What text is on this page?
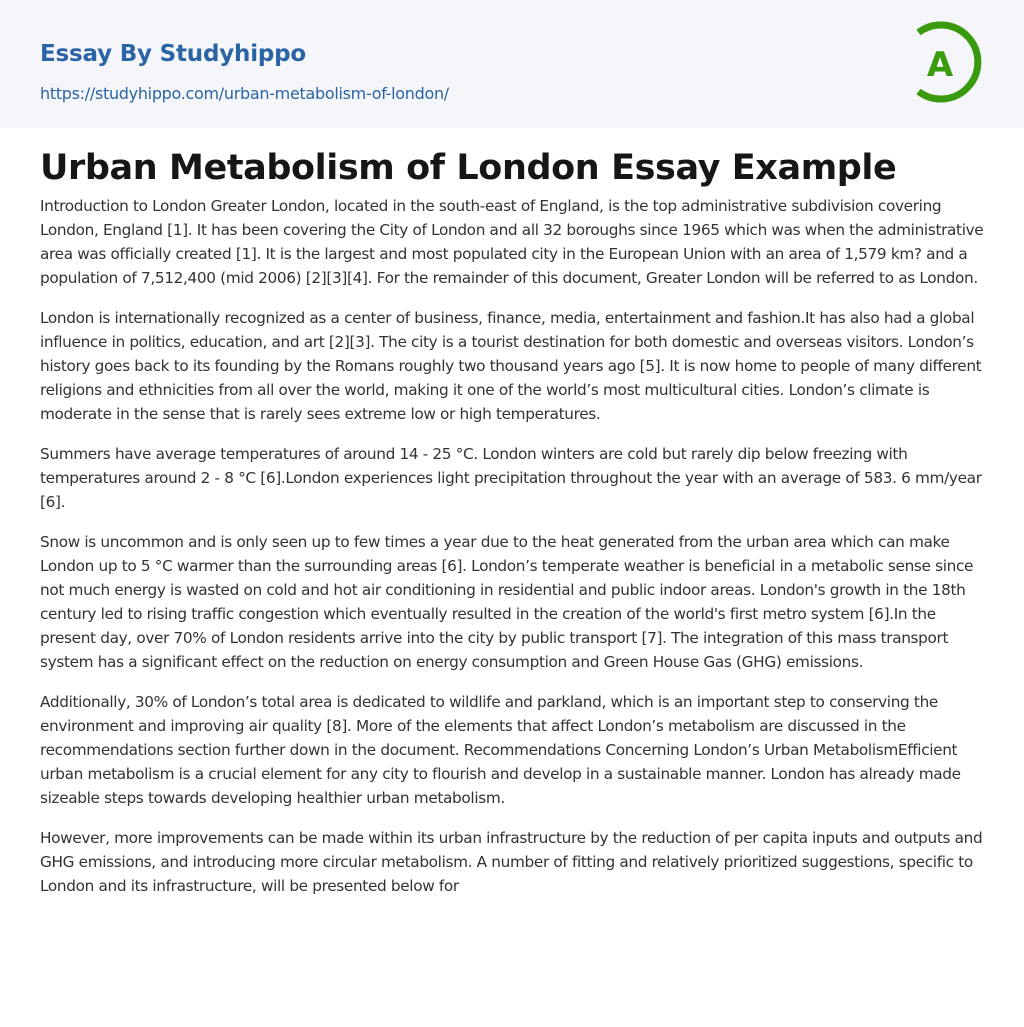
Essay By Studyhippo
https://studyhippo.com/urban-metabolism-of-london/
A
Urban Metabolism of London Essay Example

Introduction to London Greater London, located in the south-east of England, is the top administrative subdivision covering London, England [1]. It has been covering the City of London and all 32 boroughs since 1965 which was when the administrative area was officially created [1]. It is the largest and most populated city in the European Union with an area of 1,579 km? and a population of 7,512,400 (mid 2006) [2][3][4]. For the remainder of this document, Greater London will be referred to as London.

London is internationally recognized as a center of business, finance, media, entertainment and fashion.It has also had a global influence in politics, education, and art [2][3]. The city is a tourist destination for both domestic and overseas visitors. London’s history goes back to its founding by the Romans roughly two thousand years ago [5]. It is now home to people of many different religions and ethnicities from all over the world, making it one of the world’s most multicultural cities. London’s climate is moderate in the sense that is rarely sees extreme low or high temperatures.

Summers have average temperatures of around 14 - 25 °C. London winters are cold but rarely dip below freezing with temperatures around 2 - 8 °C [6].London experiences light precipitation throughout the year with an average of 583. 6 mm/year [6].

Snow is uncommon and is only seen up to few times a year due to the heat generated from the urban area which can make London up to 5 °C warmer than the surrounding areas [6]. London’s temperate weather is beneficial in a metabolic sense since not much energy is wasted on cold and hot air conditioning in residential and public indoor areas. London's growth in the 18th century led to rising traffic congestion which eventually resulted in the creation of the world's first metro system [6].In the present day, over 70% of London residents arrive into the city by public transport [7]. The integration of this mass transport system has a significant effect on the reduction on energy consumption and Green House Gas (GHG) emissions.

Additionally, 30% of London’s total area is dedicated to wildlife and parkland, which is an important step to conserving the environment and improving air quality [8]. More of the elements that affect London’s metabolism are discussed in the recommendations section further down in the document. Recommendations Concerning London’s Urban MetabolismEfficient urban metabolism is a crucial element for any city to flourish and develop in a sustainable manner. London has already made sizeable steps towards developing healthier urban metabolism.

However, more improvements can be made within its urban infrastructure by the reduction of per capita inputs and outputs and GHG emissions, and introducing more circular metabolism. A number of fitting and relatively prioritized suggestions, specific to London and its infrastructure, will be presented below for
